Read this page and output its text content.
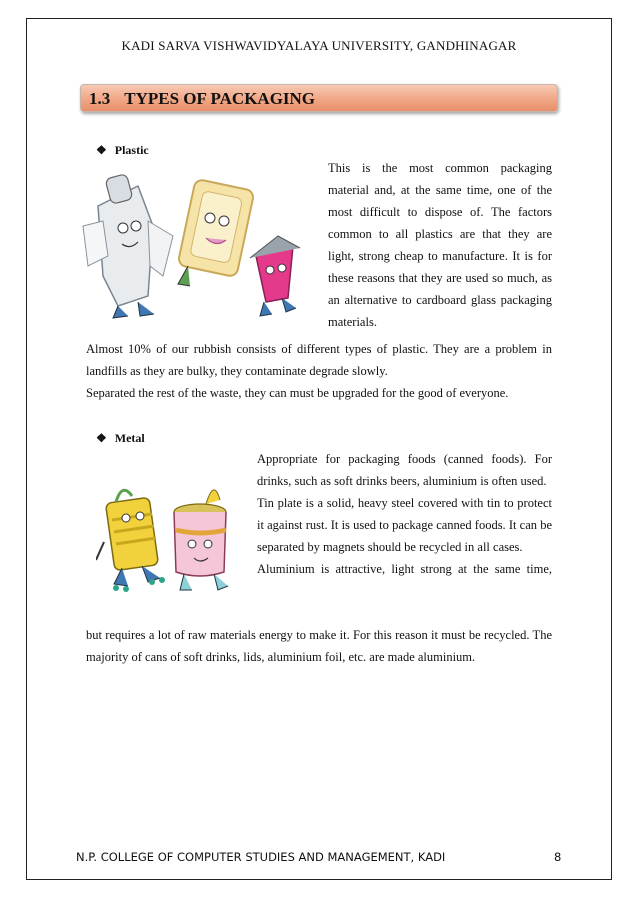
KADI SARVA VISHWAVIDYALAYA UNIVERSITY, GANDHINAGAR
1.3 TYPES OF PACKAGING
❖ Plastic

This is the most common packaging material and, at the same time, one of the most difficult to dispose of. The factors common to all plastics are that they are light, strong cheap to manufacture. It is for these reasons that they are used so much, as an alternative to cardboard glass packaging materials.

Almost 10% of our rubbish consists of different types of plastic. They are a problem in landfills as they are bulky, they contaminate degrade slowly.

Separated the rest of the waste, they can must be upgraded for the good of everyone.

❖ Metal

Appropriate for packaging foods (canned foods). For drinks, such as soft drinks beers, aluminium is often used.

Tin plate is a solid, heavy steel covered with tin to protect it against rust. It is used to package canned foods. It can be separated by magnets should be recycled in all cases.

Aluminium is attractive, light strong at the same time,

but requires a lot of raw materials energy to make it. For this reason it must be recycled. The majority of cans of soft drinks, lids, aluminium foil, etc. are made aluminium.

N.P. COLLEGE OF COMPUTER STUDIES AND MANAGEMENT, KADI	8
